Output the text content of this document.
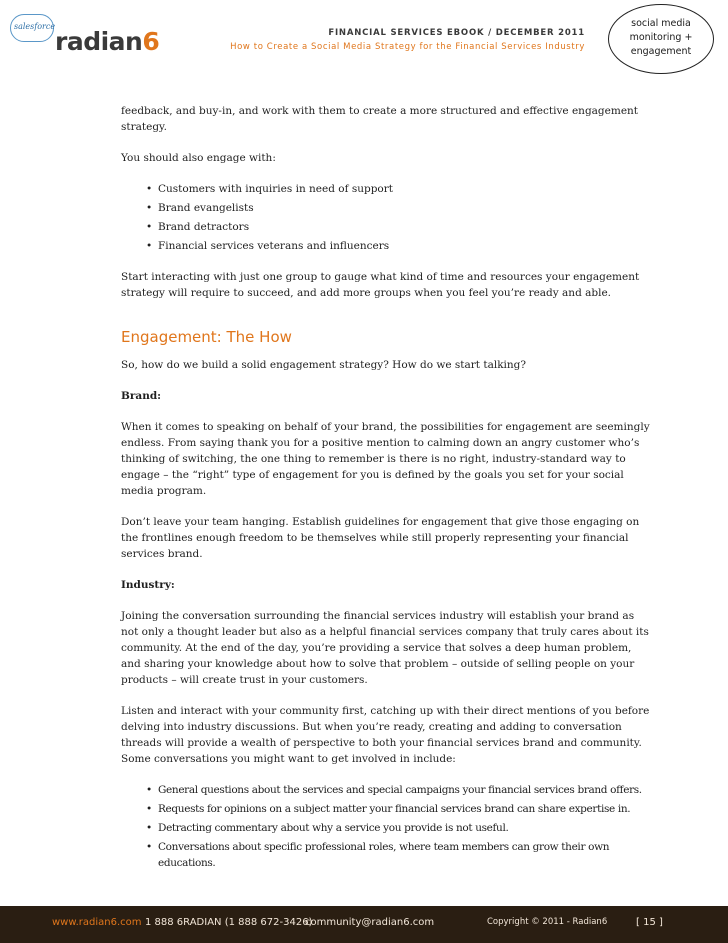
salesforce
radian6	FINANCIAL SERVICES EBOOK / DECEMBER 2011
How to Create a Social Media Strategy for the Financial Services Industry
social media
monitoring +
engagement

feedback, and buy-in, and work with them to create a more structured and effective engagement strategy.

You should also engage with:

• Customers with inquiries in need of support
• Brand evangelists
• Brand detractors
• Financial services veterans and influencers

Start interacting with just one group to gauge what kind of time and resources your engagement strategy will require to succeed, and add more groups when you feel you’re ready and able.

Engagement: The How

So, how do we build a solid engagement strategy? How do we start talking?

Brand:

When it comes to speaking on behalf of your brand, the possibilities for engagement are seemingly endless. From saying thank you for a positive mention to calming down an angry customer who’s thinking of switching, the one thing to remember is there is no right, industry-standard way to engage – the “right” type of engagement for you is defined by the goals you set for your social media program.

Don’t leave your team hanging. Establish guidelines for engagement that give those engaging on the frontlines enough freedom to be themselves while still properly representing your financial services brand.

Industry:

Joining the conversation surrounding the financial services industry will establish your brand as not only a thought leader but also as a helpful financial services company that truly cares about its community. At the end of the day, you’re providing a service that solves a deep human problem, and sharing your knowledge about how to solve that problem – outside of selling people on your products – will create trust in your customers.

Listen and interact with your community first, catching up with their direct mentions of you before delving into industry discussions. But when you’re ready, creating and adding to conversation threads will provide a wealth of perspective to both your financial services brand and community. Some conversations you might want to get involved in include:

• General questions about the services and special campaigns your financial services brand offers.
• Requests for opinions on a subject matter your financial services brand can share expertise in.
• Detracting commentary about why a service you provide is not useful.
• Conversations about specific professional roles, where team members can grow their own educations.
www.radian6.com 1 888 6RADIAN (1 888 672-3426)
community@radian6.com	Copyright © 2011 - Radian6	[ 15 ]
